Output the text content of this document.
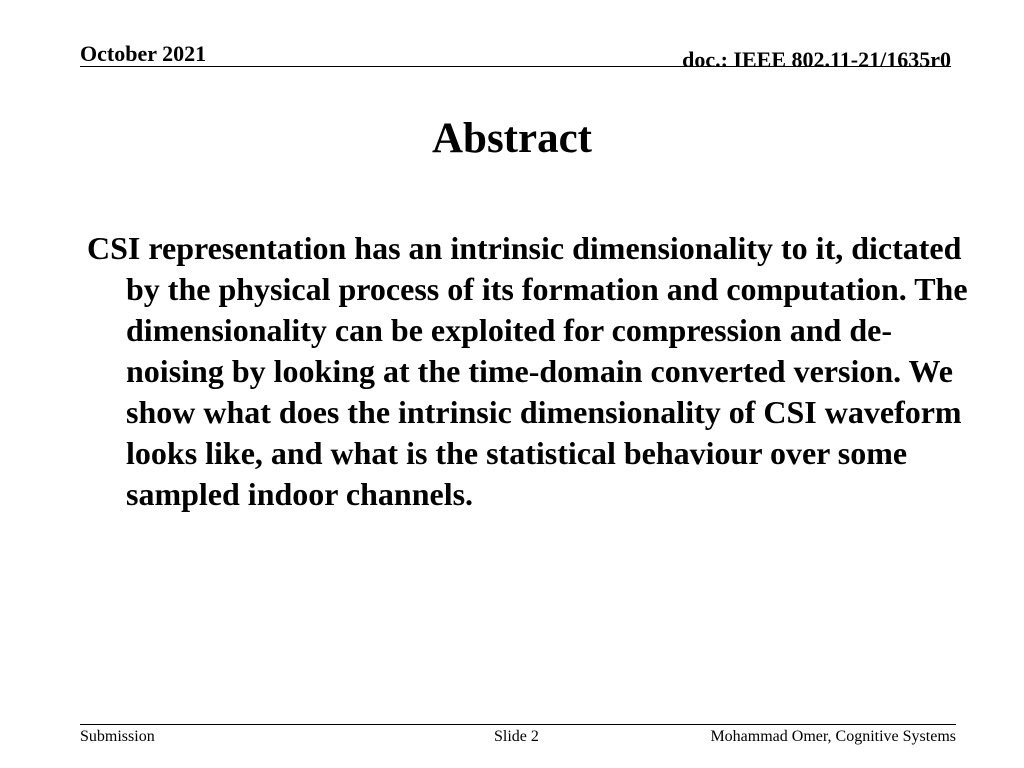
October 2021	doc.: IEEE 802.11-21/1635r0
Abstract

CSI representation has an intrinsic dimensionality to it, dictated by the physical process of its formation and computation. The dimensionality can be exploited for compression and de-noising by looking at the time-domain converted version. We show what does the intrinsic dimensionality of CSI waveform looks like, and what is the statistical behaviour over some sampled indoor channels.

Submission	Slide 2	Mohammad Omer, Cognitive Systems
